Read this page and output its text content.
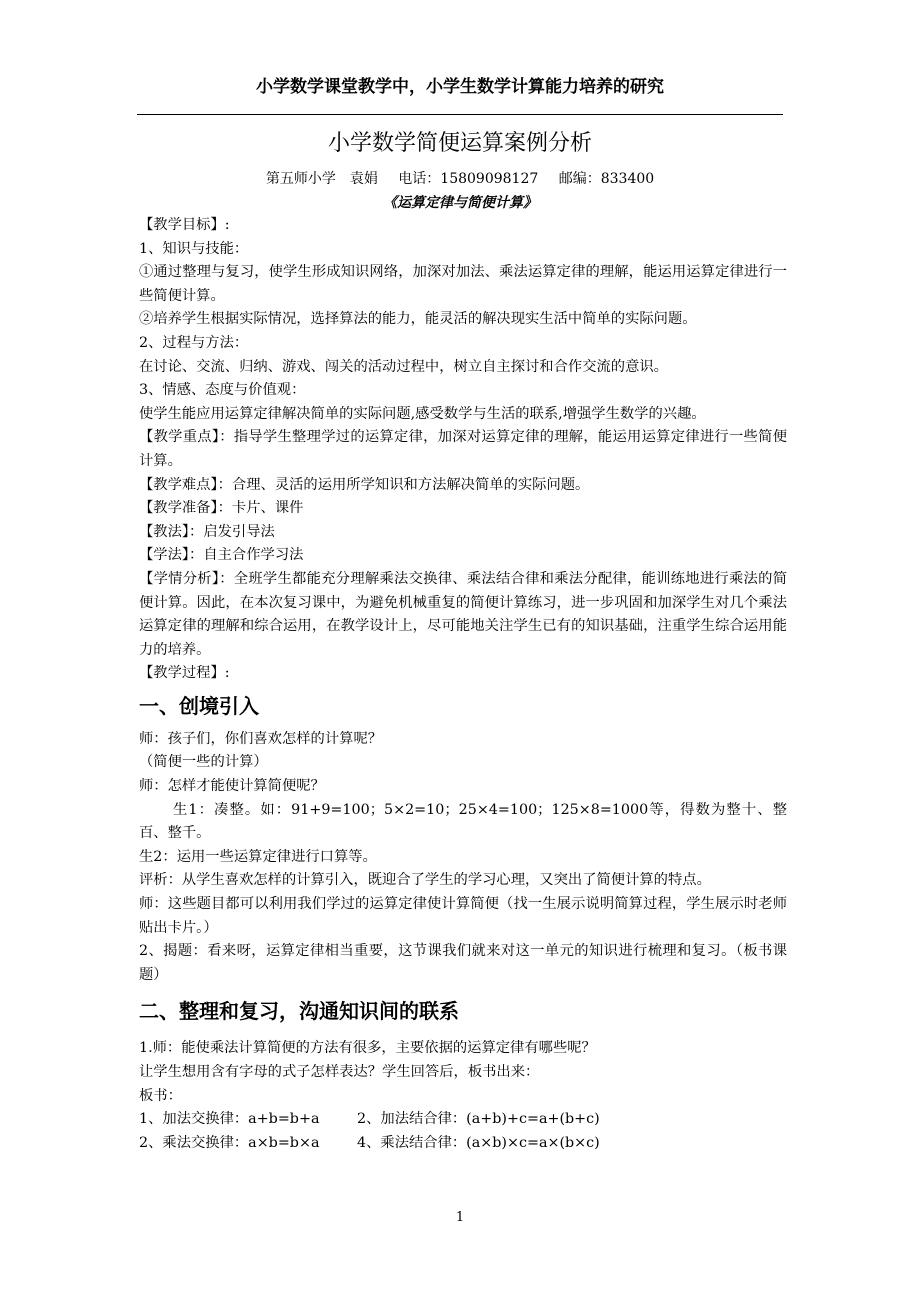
小学数学课堂教学中，小学生数学计算能力培养的研究
小学数学简便运算案例分析
第五师小学　袁娟 电话：15809098127 邮编：833400
《运算定律与简便计算》

【教学目标】:

1、知识与技能：

①通过整理与复习，使学生形成知识网络，加深对加法、乘法运算定律的理解，能运用运算定律进行一些简便计算。

②培养学生根据实际情况，选择算法的能力，能灵活的解决现实生活中简单的实际问题。

2、过程与方法：

在讨论、交流、归纳、游戏、闯关的活动过程中，树立自主探讨和合作交流的意识。

3、情感、态度与价值观：

使学生能应用运算定律解决简单的实际问题,感受数学与生活的联系,增强学生数学的兴趣。

【教学重点】：指导学生整理学过的运算定律，加深对运算定律的理解，能运用运算定律进行一些简便计算。

【教学难点】：合理、灵活的运用所学知识和方法解决简单的实际问题。

【教学准备】：卡片、课件

【教法】：启发引导法

【学法】：自主合作学习法

【学情分析】：全班学生都能充分理解乘法交换律、乘法结合律和乘法分配律，能训练地进行乘法的简便计算。因此，在本次复习课中，为避免机械重复的简便计算练习，进一步巩固和加深学生对几个乘法运算定律的理解和综合运用，在教学设计上，尽可能地关注学生已有的知识基础，注重学生综合运用能力的培养。

【教学过程】:

一、创境引入

师：孩子们，你们喜欢怎样的计算呢？

（简便一些的计算）

师：怎样才能使计算简便呢？

生1：凑整。如：91+9=100；5×2=10；25×4=100；125×8=1000等，得数为整十、整百、整千。

生2：运用一些运算定律进行口算等。

评析：从学生喜欢怎样的计算引入，既迎合了学生的学习心理，又突出了简便计算的特点。

师：这些题目都可以利用我们学过的运算定律使计算简便（找一生展示说明简算过程，学生展示时老师贴出卡片。）

2、揭题：看来呀，运算定律相当重要，这节课我们就来对这一单元的知识进行梳理和复习。（板书课题）

二、整理和复习，沟通知识间的联系

1.师：能使乘法计算简便的方法有很多，主要依据的运算定律有哪些呢？

让学生想用含有字母的式子怎样表达？学生回答后，板书出来：

板书：

1、加法交换律：a+b=b+a	2、加法结合律：(a+b)+c=a+(b+c)

2、乘法交换律：a×b=b×a	4、乘法结合律：(a×b)×c=a×(b×c)

1
